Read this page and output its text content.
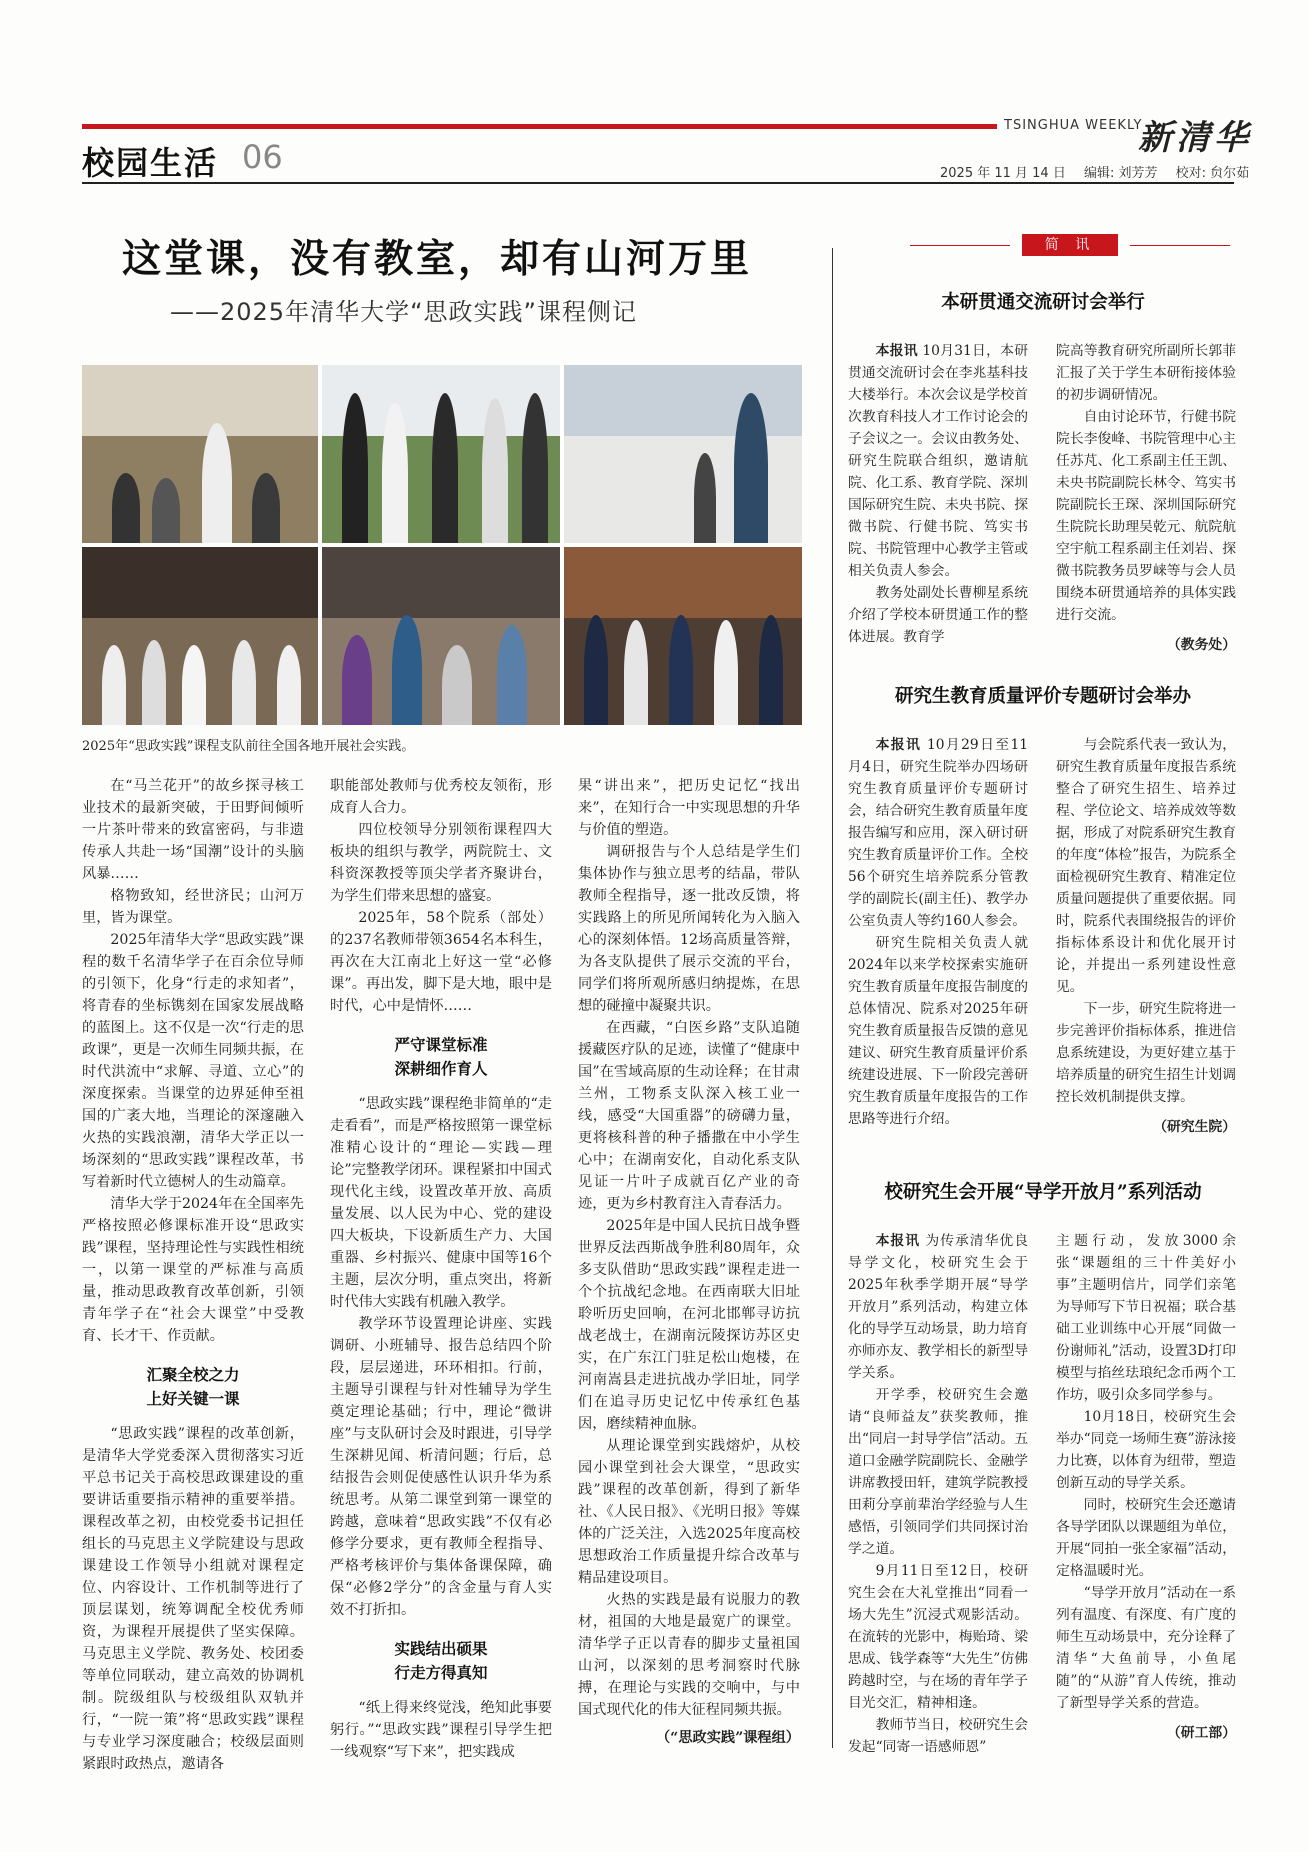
校园生活 06
TSINGHUA WEEKLY
新清华
2025 年 11 月 14 日 编辑: 刘芳芳 校对: 贠尔茹
这堂课，没有教室，却有山河万里
——2025年清华大学“思政实践”课程侧记
2025年“思政实践”课程支队前往全国各地开展社会实践。

在“马兰花开”的故乡探寻核工业技术的最新突破，于田野间倾听一片茶叶带来的致富密码，与非遗传承人共赴一场“国潮”设计的头脑风暴……

格物致知，经世济民；山河万里，皆为课堂。

2025年清华大学“思政实践”课程的数千名清华学子在百余位导师的引领下，化身“行走的求知者”，将青春的坐标镌刻在国家发展战略的蓝图上。这不仅是一次“行走的思政课”，更是一次师生同频共振，在时代洪流中“求解、寻道、立心”的深度探索。当课堂的边界延伸至祖国的广袤大地，当理论的深邃融入火热的实践浪潮，清华大学正以一场深刻的“思政实践”课程改革，书写着新时代立德树人的生动篇章。

清华大学于2024年在全国率先严格按照必修课标准开设“思政实践”课程，坚持理论性与实践性相统一，以第一课堂的严标准与高质量，推动思政教育改革创新，引领青年学子在“社会大课堂”中受教育、长才干、作贡献。

汇聚全校之力
上好关键一课

“思政实践”课程的改革创新，是清华大学党委深入贯彻落实习近平总书记关于高校思政课建设的重要讲话重要指示精神的重要举措。课程改革之初，由校党委书记担任组长的马克思主义学院建设与思政课建设工作领导小组就对课程定位、内容设计、工作机制等进行了顶层谋划，统筹调配全校优秀师资，为课程开展提供了坚实保障。马克思主义学院、教务处、校团委等单位同联动，建立高效的协调机制。院级组队与校级组队双轨并行，“一院一策”将“思政实践”课程与专业学习深度融合；校级层面则紧跟时政热点，邀请各

职能部处教师与优秀校友领衔，形成育人合力。

四位校领导分别领衔课程四大板块的组织与教学，两院院士、文科资深教授等顶尖学者齐聚讲台，为学生们带来思想的盛宴。

2025年，58个院系（部处）的237名教师带领3654名本科生，再次在大江南北上好这一堂“必修课”。再出发，脚下是大地，眼中是时代，心中是情怀……

严守课堂标准
深耕细作育人

“思政实践”课程绝非简单的“走走看看”，而是严格按照第一课堂标准精心设计的“理论—实践—理论”完整教学闭环。课程紧扣中国式现代化主线，设置改革开放、高质量发展、以人民为中心、党的建设四大板块，下设新质生产力、大国重器、乡村振兴、健康中国等16个主题，层次分明，重点突出，将新时代伟大实践有机融入教学。

教学环节设置理论讲座、实践调研、小班辅导、报告总结四个阶段，层层递进，环环相扣。行前，主题导引课程与针对性辅导为学生奠定理论基础；行中，理论“微讲座”与支队研讨会及时跟进，引导学生深耕见闻、析清问题；行后，总结报告会则促使感性认识升华为系统思考。从第二课堂到第一课堂的跨越，意味着“思政实践”不仅有必修学分要求，更有教师全程指导、严格考核评价与集体备课保障，确保“必修2学分”的含金量与育人实效不打折扣。

实践结出硕果
行走方得真知

“纸上得来终觉浅，绝知此事要躬行。”“思政实践”课程引导学生把一线观察“写下来”，把实践成

果“讲出来”，把历史记忆“找出来”，在知行合一中实现思想的升华与价值的塑造。

调研报告与个人总结是学生们集体协作与独立思考的结晶，带队教师全程指导，逐一批改反馈，将实践路上的所见所闻转化为入脑入心的深刻体悟。12场高质量答辩，为各支队提供了展示交流的平台，同学们将所观所感归纳提炼，在思想的碰撞中凝聚共识。

在西藏，“白医乡路”支队追随援藏医疗队的足迹，读懂了“健康中国”在雪域高原的生动诠释；在甘肃兰州，工物系支队深入核工业一线，感受“大国重器”的磅礴力量，更将核科普的种子播撒在中小学生心中；在湖南安化，自动化系支队见证一片叶子成就百亿产业的奇迹，更为乡村教育注入青春活力。

2025年是中国人民抗日战争暨世界反法西斯战争胜利80周年，众多支队借助“思政实践”课程走进一个个抗战纪念地。在西南联大旧址聆听历史回响，在河北邯郸寻访抗战老战士，在湖南沅陵探访苏区史实，在广东江门驻足松山炮楼，在河南嵩县走进抗战办学旧址，同学们在追寻历史记忆中传承红色基因，磨续精神血脉。

从理论课堂到实践熔炉，从校园小课堂到社会大课堂，“思政实践”课程的改革创新，得到了新华社、《人民日报》、《光明日报》等媒体的广泛关注，入选2025年度高校思想政治工作质量提升综合改革与精品建设项目。

火热的实践是最有说服力的教材，祖国的大地是最宽广的课堂。清华学子正以青春的脚步丈量祖国山河，以深刻的思考洞察时代脉搏，在理论与实践的交响中，与中国式现代化的伟大征程同频共振。

（“思政实践”课程组）

简 讯
本研贯通交流研讨会举行

本报讯 10月31日，本研贯通交流研讨会在李兆基科技大楼举行。本次会议是学校首次教育科技人才工作讨论会的子会议之一。会议由教务处、研究生院联合组织，邀请航院、化工系、教育学院、深圳国际研究生院、未央书院、探微书院、行健书院、笃实书院、书院管理中心教学主管或相关负责人参会。

教务处副处长曹柳星系统介绍了学校本研贯通工作的整体进展。教育学

院高等教育研究所副所长郭菲汇报了关于学生本研衔接体验的初步调研情况。

自由讨论环节，行健书院院长李俊峰、书院管理中心主任苏芃、化工系副主任王凯、未央书院副院长林令、笃实书院副院长王琛、深圳国际研究生院院长助理吴乾元、航院航空宇航工程系副主任刘岩、探微书院教务员罗崃等与会人员围绕本研贯通培养的具体实践进行交流。

（教务处）

研究生教育质量评价专题研讨会举办

本报讯 10月29日至11月4日，研究生院举办四场研究生教育质量评价专题研讨会，结合研究生教育质量年度报告编写和应用，深入研讨研究生教育质量评价工作。全校56个研究生培养院系分管教学的副院长(副主任)、教学办公室负责人等约160人参会。

研究生院相关负责人就2024年以来学校探索实施研究生教育质量年度报告制度的总体情况、院系对2025年研究生教育质量报告反馈的意见建议、研究生教育质量评价系统建设进展、下一阶段完善研究生教育质量年度报告的工作思路等进行介绍。

与会院系代表一致认为，研究生教育质量年度报告系统整合了研究生招生、培养过程、学位论文、培养成效等数据，形成了对院系研究生教育的年度“体检”报告，为院系全面检视研究生教育、精准定位质量问题提供了重要依据。同时，院系代表围绕报告的评价指标体系设计和优化展开讨论，并提出一系列建设性意见。

下一步，研究生院将进一步完善评价指标体系，推进信息系统建设，为更好建立基于培养质量的研究生招生计划调控长效机制提供支撑。

（研究生院）

校研究生会开展“导学开放月”系列活动

本报讯 为传承清华优良导学文化，校研究生会于2025年秋季学期开展“导学开放月”系列活动，构建立体化的导学互动场景，助力培育亦师亦友、教学相长的新型导学关系。

开学季，校研究生会邀请“良师益友”获奖教师，推出“同启一封导学信”活动。五道口金融学院副院长、金融学讲席教授田轩，建筑学院教授田莉分享前辈治学经验与人生感悟，引领同学们共同探讨治学之道。

9月11日至12日，校研究生会在大礼堂推出“同看一场大先生”沉浸式观影活动。在流转的光影中，梅贻琦、梁思成、钱学森等“大先生”仿佛跨越时空，与在场的青年学子目光交汇，精神相逢。

教师节当日，校研究生会发起“同寄一语感师恩”

主题行动，发放3000余张“课题组的三十件美好小事”主题明信片，同学们亲笔为导师写下节日祝福；联合基础工业训练中心开展“同做一份谢师礼”活动，设置3D打印模型与掐丝珐琅纪念币两个工作坊，吸引众多同学参与。

10月18日，校研究生会举办“同竞一场师生赛”游泳接力比赛，以体育为纽带，塑造创新互动的导学关系。

同时，校研究生会还邀请各导学团队以课题组为单位，开展“同拍一张全家福”活动，定格温暖时光。

“导学开放月”活动在一系列有温度、有深度、有广度的师生互动场景中，充分诠释了清华“大鱼前导，小鱼尾随”的“从游”育人传统，推动了新型导学关系的营造。

（研工部）
